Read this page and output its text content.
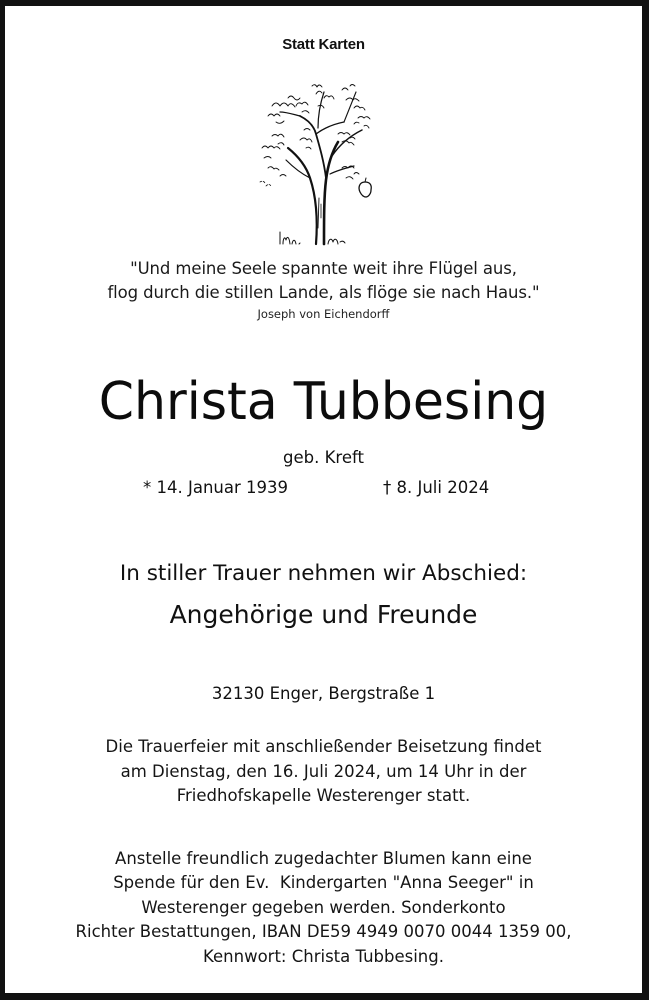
Statt Karten
"Und meine Seele spannte weit ihre Flügel aus,
flog durch die stillen Lande, als flöge sie nach Haus."
Joseph von Eichendorff
Christa Tubbesing
geb. Kreft
* 14. Januar 1939	† 8. Juli 2024
In stiller Trauer nehmen wir Abschied:
Angehörige und Freunde
32130 Enger, Bergstraße 1
Die Trauerfeier mit anschließender Beisetzung findet
am Dienstag, den 16. Juli 2024, um 14 Uhr in der
Friedhofskapelle Westerenger statt.
Anstelle freundlich zugedachter Blumen kann eine
Spende für den Ev.  Kindergarten "Anna Seeger" in
Westerenger gegeben werden. Sonderkonto
Richter Bestattungen, IBAN DE59 4949 0070 0044 1359 00,
Kennwort: Christa Tubbesing.
